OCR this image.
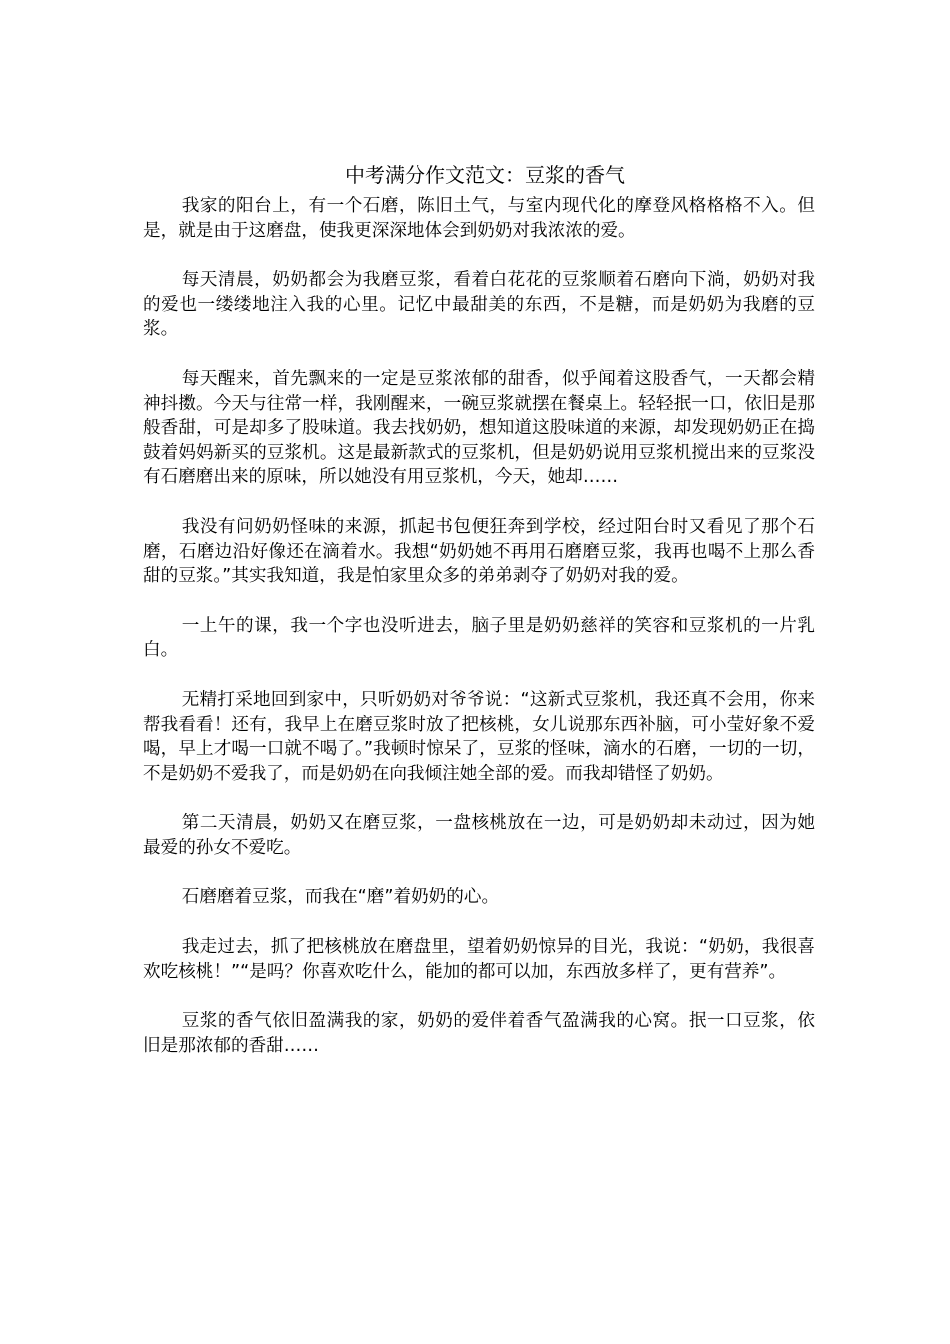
中考满分作文范文：豆浆的香气

我家的阳台上，有一个石磨，陈旧土气，与室内现代化的摩登风格格格不入。但是，就是由于这磨盘，使我更深深地体会到奶奶对我浓浓的爱。

每天清晨，奶奶都会为我磨豆浆，看着白花花的豆浆顺着石磨向下淌，奶奶对我的爱也一缕缕地注入我的心里。记忆中最甜美的东西，不是糖，而是奶奶为我磨的豆浆。

每天醒来，首先飘来的一定是豆浆浓郁的甜香，似乎闻着这股香气，一天都会精神抖擞。今天与往常一样，我刚醒来，一碗豆浆就摆在餐桌上。轻轻抿一口，依旧是那般香甜，可是却多了股味道。我去找奶奶，想知道这股味道的来源，却发现奶奶正在捣鼓着妈妈新买的豆浆机。这是最新款式的豆浆机，但是奶奶说用豆浆机搅出来的豆浆没有石磨磨出来的原味，所以她没有用豆浆机，今天，她却……

我没有问奶奶怪味的来源，抓起书包便狂奔到学校，经过阳台时又看见了那个石磨，石磨边沿好像还在滴着水。我想“奶奶她不再用石磨磨豆浆，我再也喝不上那么香甜的豆浆。”其实我知道，我是怕家里众多的弟弟剥夺了奶奶对我的爱。

一上午的课，我一个字也没听进去，脑子里是奶奶慈祥的笑容和豆浆机的一片乳白。

无精打采地回到家中，只听奶奶对爷爷说：“这新式豆浆机，我还真不会用，你来帮我看看！还有，我早上在磨豆浆时放了把核桃，女儿说那东西补脑，可小莹好象不爱喝，早上才喝一口就不喝了。”我顿时惊呆了，豆浆的怪味，滴水的石磨，一切的一切，不是奶奶不爱我了，而是奶奶在向我倾注她全部的爱。而我却错怪了奶奶。

第二天清晨，奶奶又在磨豆浆，一盘核桃放在一边，可是奶奶却未动过，因为她最爱的孙女不爱吃。

石磨磨着豆浆，而我在“磨”着奶奶的心。

我走过去，抓了把核桃放在磨盘里，望着奶奶惊异的目光，我说：“奶奶，我很喜欢吃核桃！”“是吗？你喜欢吃什么，能加的都可以加，东西放多样了，更有营养”。

豆浆的香气依旧盈满我的家，奶奶的爱伴着香气盈满我的心窝。抿一口豆浆，依旧是那浓郁的香甜……
